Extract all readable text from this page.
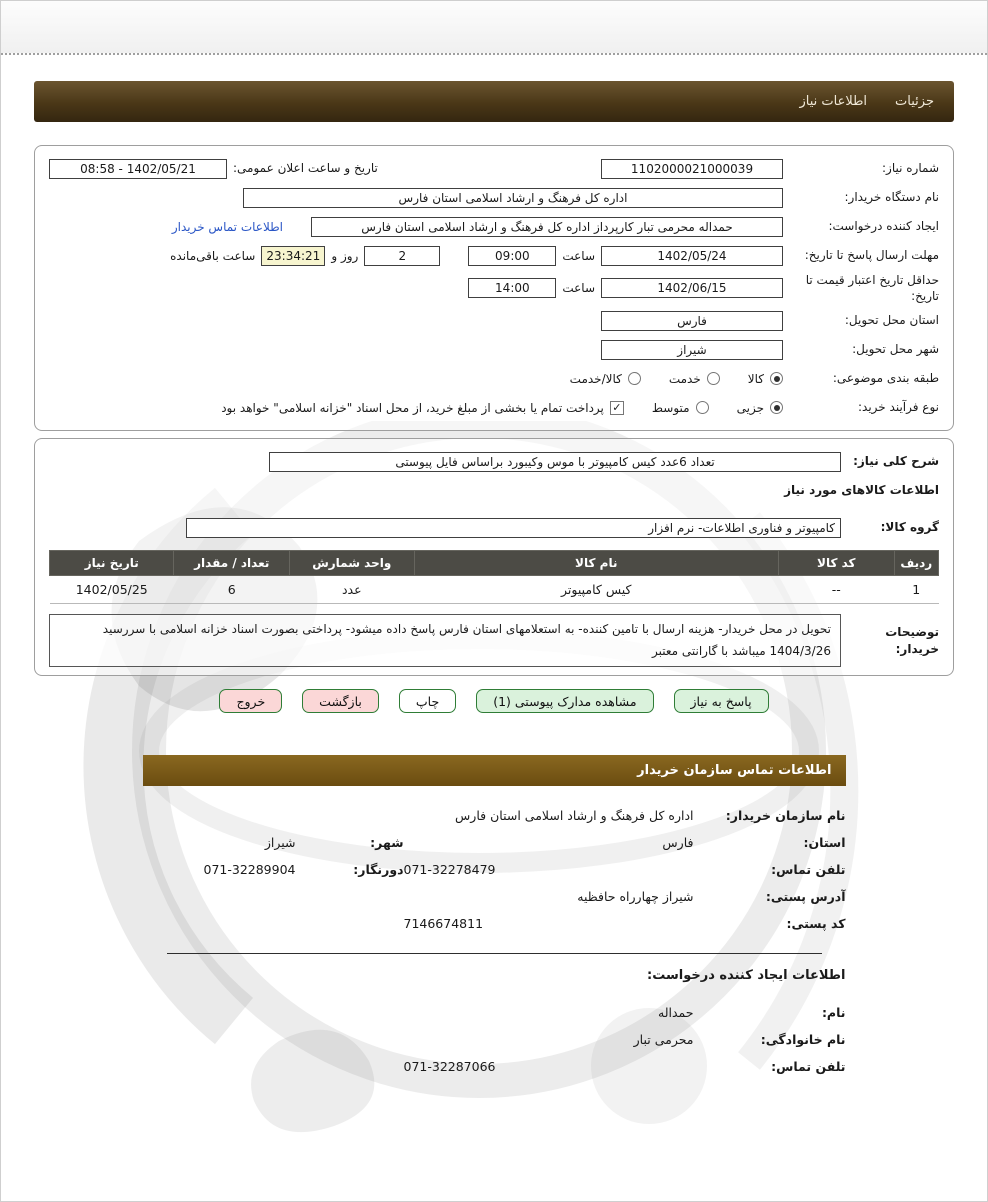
جزئیات
اطلاعات نیاز
شماره نیاز:
1102000021000039
تاریخ و ساعت اعلان عمومی:
1402/05/21 - 08:58
نام دستگاه خریدار:
اداره کل فرهنگ و ارشاد اسلامی استان فارس
ایجاد کننده درخواست:
حمداله محرمی تبار کارپرداز اداره کل فرهنگ و ارشاد اسلامی استان فارس
اطلاعات تماس خریدار
مهلت ارسال پاسخ تا تاریخ:
1402/05/24
ساعت
09:00
2
روز و
23:34:21
ساعت باقی‌مانده
حداقل تاریخ اعتبار قیمت تا تاریخ:
1402/06/15
ساعت
14:00
استان محل تحویل:
فارس
شهر محل تحویل:
شیراز
طبقه بندی موضوعی:
کالا
خدمت
کالا/خدمت
نوع فرآیند خرید:
جزیی
متوسط
✓
پرداخت تمام یا بخشی از مبلغ خرید، از محل اسناد "خزانه اسلامی" خواهد بود
شرح کلی نیاز:
تعداد 6عدد کیس کامپیوتر با موس وکیبورد براساس فایل پیوستی
اطلاعات کالاهای مورد نیاز
گروه کالا:
کامپیوتر و فناوری اطلاعات- نرم افزار
ردیف	کد کالا	نام کالا	واحد شمارش	تعداد / مقدار	تاریخ نیاز
1	--	کیس کامپیوتر	عدد	6	1402/05/25
توضیحات خریدار:
تحویل در محل خریدار- هزینه ارسال با تامین کننده- به استعلامهای استان فارس پاسخ داده میشود- پرداختی بصورت اسناد خزانه اسلامی با سررسید 1404/3/26 میباشد با گارانتی معتبر
پاسخ به نیاز
مشاهده مدارک پیوستی (1)
چاپ
بازگشت
خروج
اطلاعات تماس سازمان خریدار
نام سازمان خریدار:
اداره کل فرهنگ و ارشاد اسلامی استان فارس
استان:
فارس
شهر:
شیراز
تلفن تماس:
071-32278479
دورنگار:
071-32289904
آدرس پستی:
شیراز چهارراه حافظیه
کد پستی:
7146674811
اطلاعات ایجاد کننده درخواست:
نام:
حمداله
نام خانوادگی:
محرمی تبار
تلفن تماس:
071-32287066
